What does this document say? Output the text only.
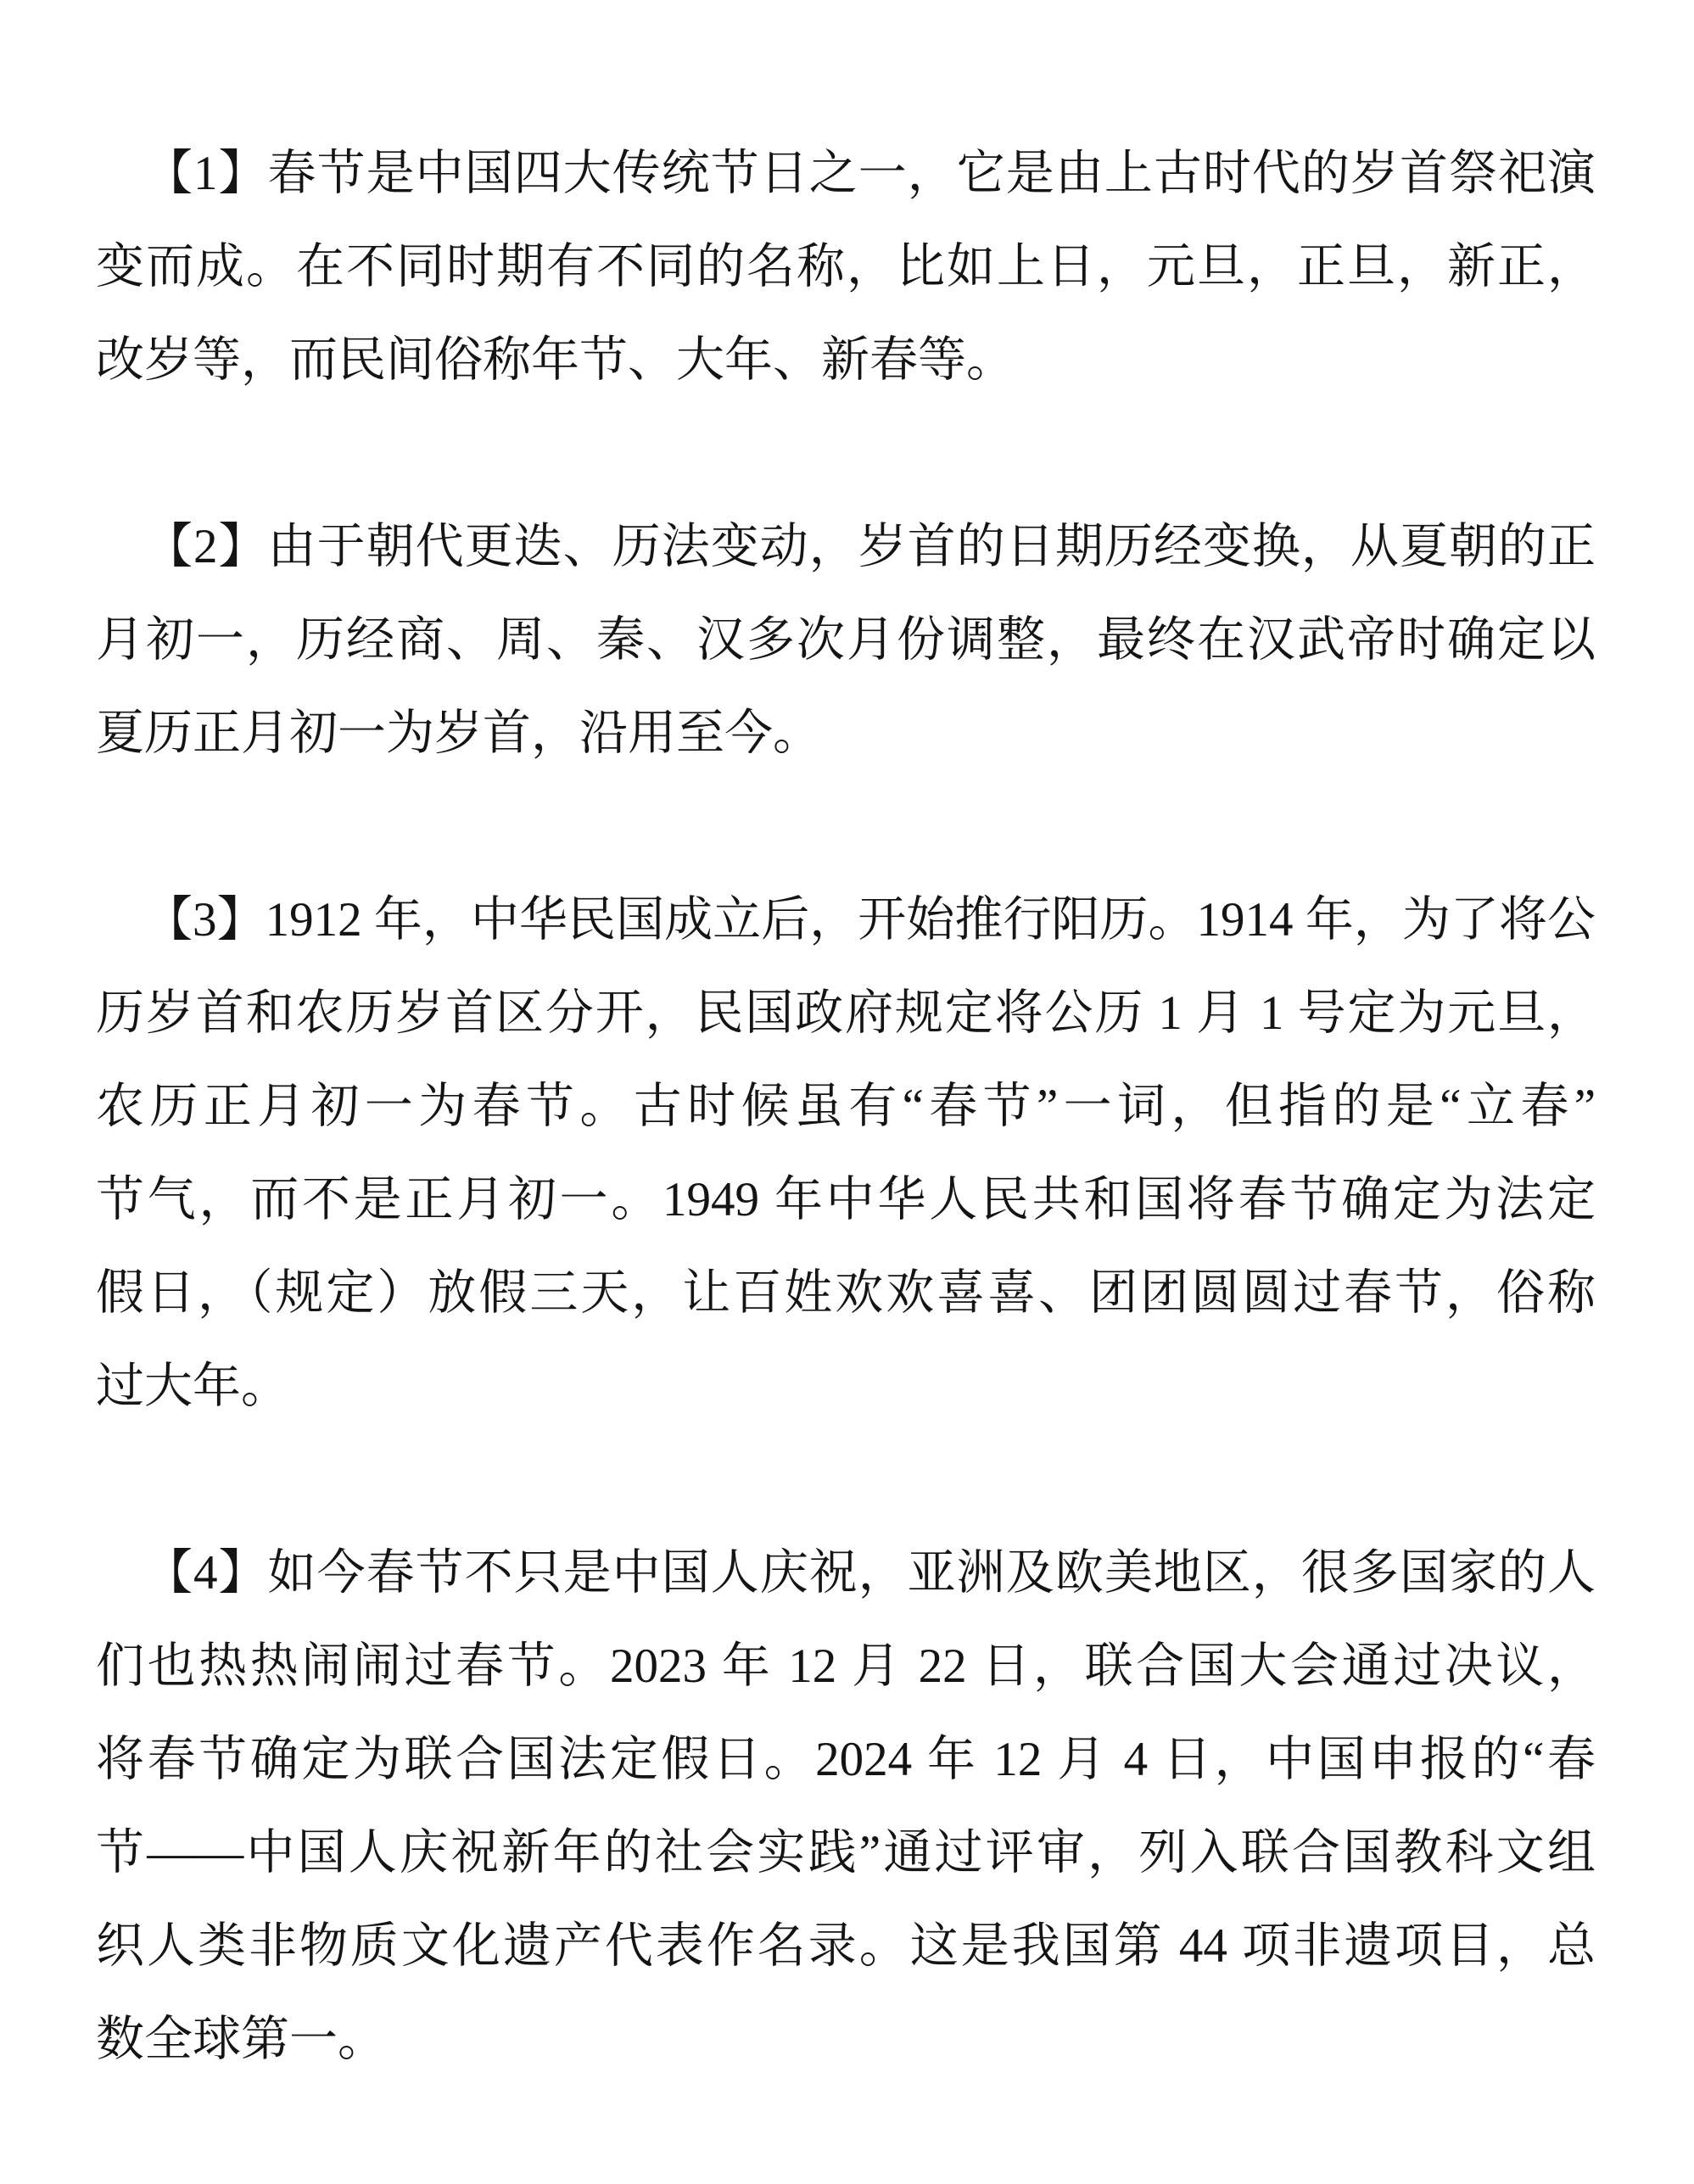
【1】春节是中国四大传统节日之一，它是由上古时代的岁首祭祀演
变而成。在不同时期有不同的名称，比如上日，元旦，正旦，新正，
改岁等，而民间俗称年节、大年、新春等。
【2】由于朝代更迭、历法变动，岁首的日期历经变换，从夏朝的正
月初一，历经商、周、秦、汉多次月份调整，最终在汉武帝时确定以
夏历正月初一为岁首，沿用至今。
【3】1912 年，中华民国成立后，开始推行阳历。1914 年，为了将公
历岁首和农历岁首区分开，民国政府规定将公历 1 月 1 号定为元旦，
农历正月初一为春节。古时候虽有“春节”一词，但指的是“立春”
节气，而不是正月初一。1949 年中华人民共和国将春节确定为法定
假日，（规定）放假三天，让百姓欢欢喜喜、团团圆圆过春节，俗称
过大年。
【4】如今春节不只是中国人庆祝，亚洲及欧美地区，很多国家的人
们也热热闹闹过春节。2023 年 12 月 22 日，联合国大会通过决议，
将春节确定为联合国法定假日。2024 年 12 月 4 日，中国申报的“春
节——中国人庆祝新年的社会实践”通过评审，列入联合国教科文组
织人类非物质文化遗产代表作名录。这是我国第 44 项非遗项目，总
数全球第一。
